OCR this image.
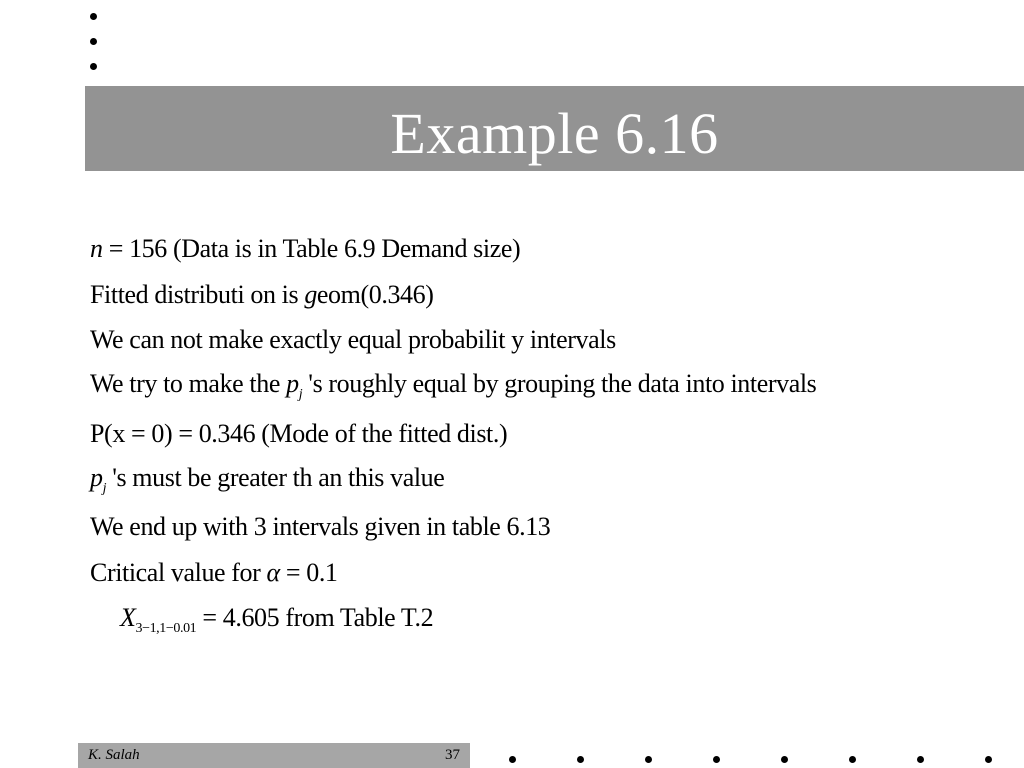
Example 6.16
n = 156 (Data is in Table 6.9 Demand size)
Fitted distributi on is geom(0.346)
We can not make exactly equal probabilit y intervals
We try to make the $p_j$ 's roughly equal by grouping the data into intervals
P(x = 0) = 0.346 (Mode of the fitted dist.)
$p_j$ 's must be greater th an this value
We end up with 3 intervals given in table 6.13
Critical value for α = 0.1
$X_{3-1,1-0.01} = 4.605$ from Table T.2
K. Salah	37
